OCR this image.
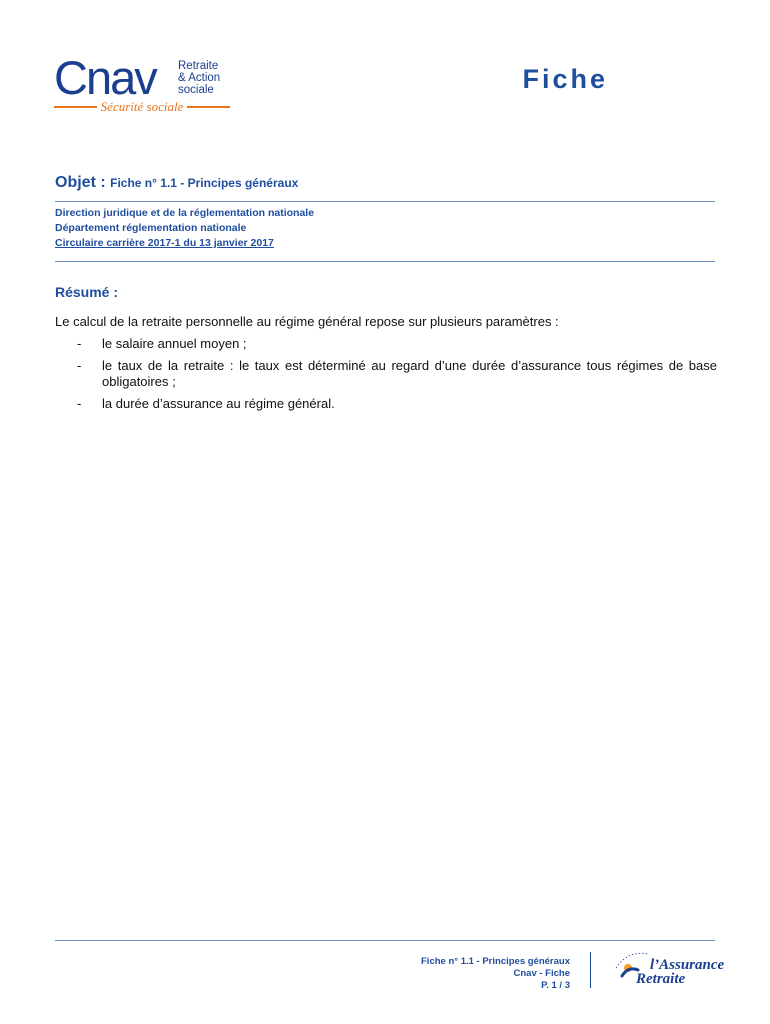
Cnav Retraite
& Action
sociale
Sécurité sociale
Fiche
Objet : Fiche n° 1.1 - Principes généraux
Direction juridique et de la réglementation nationale
Département réglementation nationale
Circulaire carrière 2017-1 du 13 janvier 2017
Résumé :

Le calcul de la retraite personnelle au régime général repose sur plusieurs paramètres :

- le salaire annuel moyen ;
- le taux de la retraite : le taux est déterminé au regard d’une durée d’assurance tous régimes de base obligatoires ;
- la durée d’assurance au régime général.
Fiche n° 1.1 - Principes généraux
Cnav - Fiche
P. 1 / 3
l’Assurance
Retraite
